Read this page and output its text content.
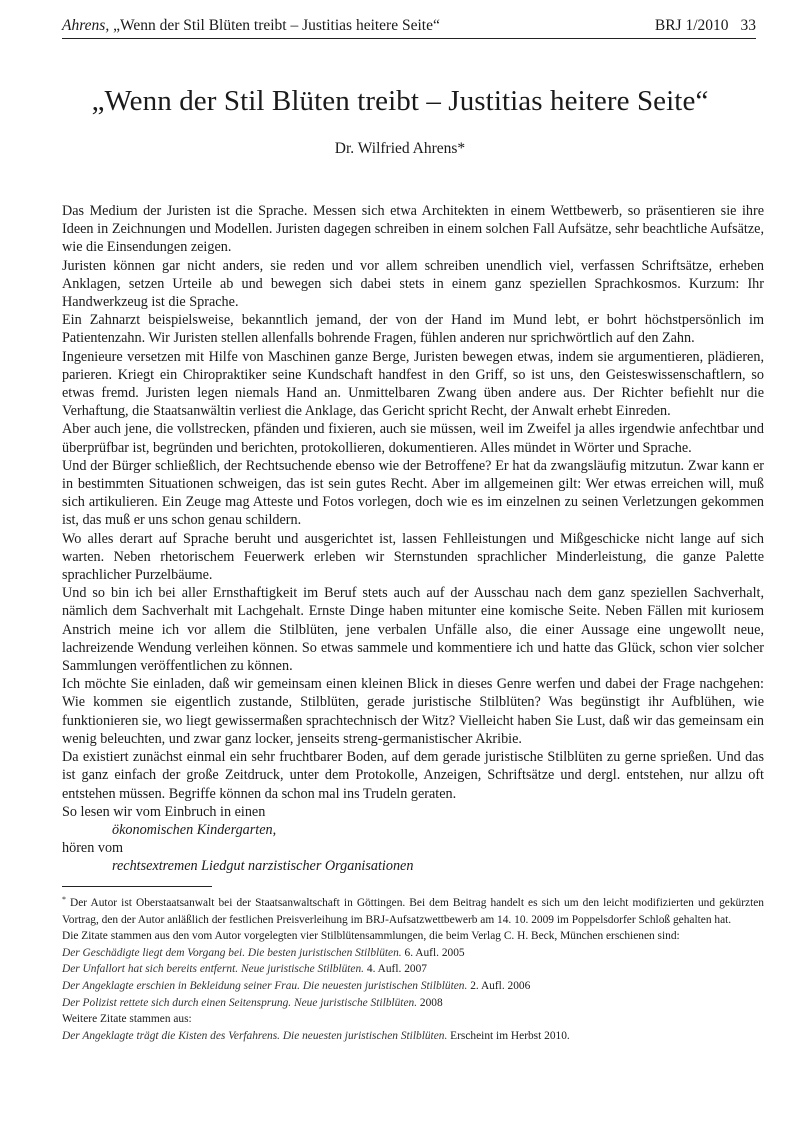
Ahrens, „Wenn der Stil Blüten treibt – Justitias heitere Seite“	BRJ 1/2010 33
„Wenn der Stil Blüten treibt – Justitias heitere Seite“
Dr. Wilfried Ahrens*

Das Medium der Juristen ist die Sprache. Messen sich etwa Architekten in einem Wettbewerb, so präsentieren sie ihre Ideen in Zeichnungen und Modellen. Juristen dagegen schreiben in einem solchen Fall Aufsätze, sehr beachtliche Aufsätze, wie die Einsendungen zeigen.

Juristen können gar nicht anders, sie reden und vor allem schreiben unendlich viel, verfassen Schriftsätze, erheben Anklagen, setzen Urteile ab und bewegen sich dabei stets in einem ganz speziellen Sprachkosmos. Kurzum: Ihr Handwerkzeug ist die Sprache.

Ein Zahnarzt beispielsweise, bekanntlich jemand, der von der Hand im Mund lebt, er bohrt höchstpersönlich im Patientenzahn. Wir Juristen stellen allenfalls bohrende Fragen, fühlen anderen nur sprichwörtlich auf den Zahn.

Ingenieure versetzen mit Hilfe von Maschinen ganze Berge, Juristen bewegen etwas, indem sie argumentieren, plädieren, parieren. Kriegt ein Chiropraktiker seine Kundschaft handfest in den Griff, so ist uns, den Geisteswissenschaftlern, so etwas fremd. Juristen legen niemals Hand an. Unmittelbaren Zwang üben andere aus. Der Richter befiehlt nur die Verhaftung, die Staatsanwältin verliest die Anklage, das Gericht spricht Recht, der Anwalt erhebt Einreden.

Aber auch jene, die vollstrecken, pfänden und fixieren, auch sie müssen, weil im Zweifel ja alles irgendwie anfechtbar und überprüfbar ist, begründen und berichten, protokollieren, dokumentieren. Alles mündet in Wörter und Sprache.

Und der Bürger schließlich, der Rechtsuchende ebenso wie der Betroffene? Er hat da zwangsläufig mitzutun. Zwar kann er in bestimmten Situationen schweigen, das ist sein gutes Recht. Aber im allgemeinen gilt: Wer etwas erreichen will, muß sich artikulieren. Ein Zeuge mag Atteste und Fotos vorlegen, doch wie es im einzelnen zu seinen Verletzungen gekommen ist, das muß er uns schon genau schildern.

Wo alles derart auf Sprache beruht und ausgerichtet ist, lassen Fehlleistungen und Mißgeschicke nicht lange auf sich warten. Neben rhetorischem Feuerwerk erleben wir Sternstunden sprachlicher Minderleistung, die ganze Palette sprachlicher Purzelbäume.

Und so bin ich bei aller Ernsthaftigkeit im Beruf stets auch auf der Ausschau nach dem ganz speziellen Sachverhalt, nämlich dem Sachverhalt mit Lachgehalt. Ernste Dinge haben mitunter eine komische Seite. Neben Fällen mit kuriosem Anstrich meine ich vor allem die Stilblüten, jene verbalen Unfälle also, die einer Aussage eine ungewollt neue, lachreizende Wendung verleihen können. So etwas sammele und kommentiere ich und hatte das Glück, schon vier solcher Sammlungen veröffentlichen zu können.

Ich möchte Sie einladen, daß wir gemeinsam einen kleinen Blick in dieses Genre werfen und dabei der Frage nachgehen: Wie kommen sie eigentlich zustande, Stilblüten, gerade juristische Stilblüten? Was begünstigt ihr Aufblühen, wie funktionieren sie, wo liegt gewissermaßen sprachtechnisch der Witz? Vielleicht haben Sie Lust, daß wir das gemeinsam ein wenig beleuchten, und zwar ganz locker, jenseits streng-germanistischer Akribie.

Da existiert zunächst einmal ein sehr fruchtbarer Boden, auf dem gerade juristische Stilblüten zu gerne sprießen. Und das ist ganz einfach der große Zeitdruck, unter dem Protokolle, Anzeigen, Schriftsätze und dergl. entstehen, nur allzu oft entstehen müssen. Begriffe können da schon mal ins Trudeln geraten.

So lesen wir vom Einbruch in einen

ökonomischen Kindergarten,

hören vom

rechtsextremen Liedgut narzistischer Organisationen

* Der Autor ist Oberstaatsanwalt bei der Staatsanwaltschaft in Göttingen. Bei dem Beitrag handelt es sich um den leicht modifizierten und gekürzten Vortrag, den der Autor anläßlich der festlichen Preisverleihung im BRJ-Aufsatzwettbewerb am 14. 10. 2009 im Poppelsdorfer Schloß gehalten hat.

Die Zitate stammen aus den vom Autor vorgelegten vier Stilblütensammlungen, die beim Verlag C. H. Beck, München erschienen sind:

Der Geschädigte liegt dem Vorgang bei. Die besten juristischen Stilblüten. 6. Aufl. 2005

Der Unfallort hat sich bereits entfernt. Neue juristische Stilblüten. 4. Aufl. 2007

Der Angeklagte erschien in Bekleidung seiner Frau. Die neuesten juristischen Stilblüten. 2. Aufl. 2006

Der Polizist rettete sich durch einen Seitensprung. Neue juristische Stilblüten. 2008

Weitere Zitate stammen aus:

Der Angeklagte trägt die Kisten des Verfahrens. Die neuesten juristischen Stilblüten. Erscheint im Herbst 2010.
